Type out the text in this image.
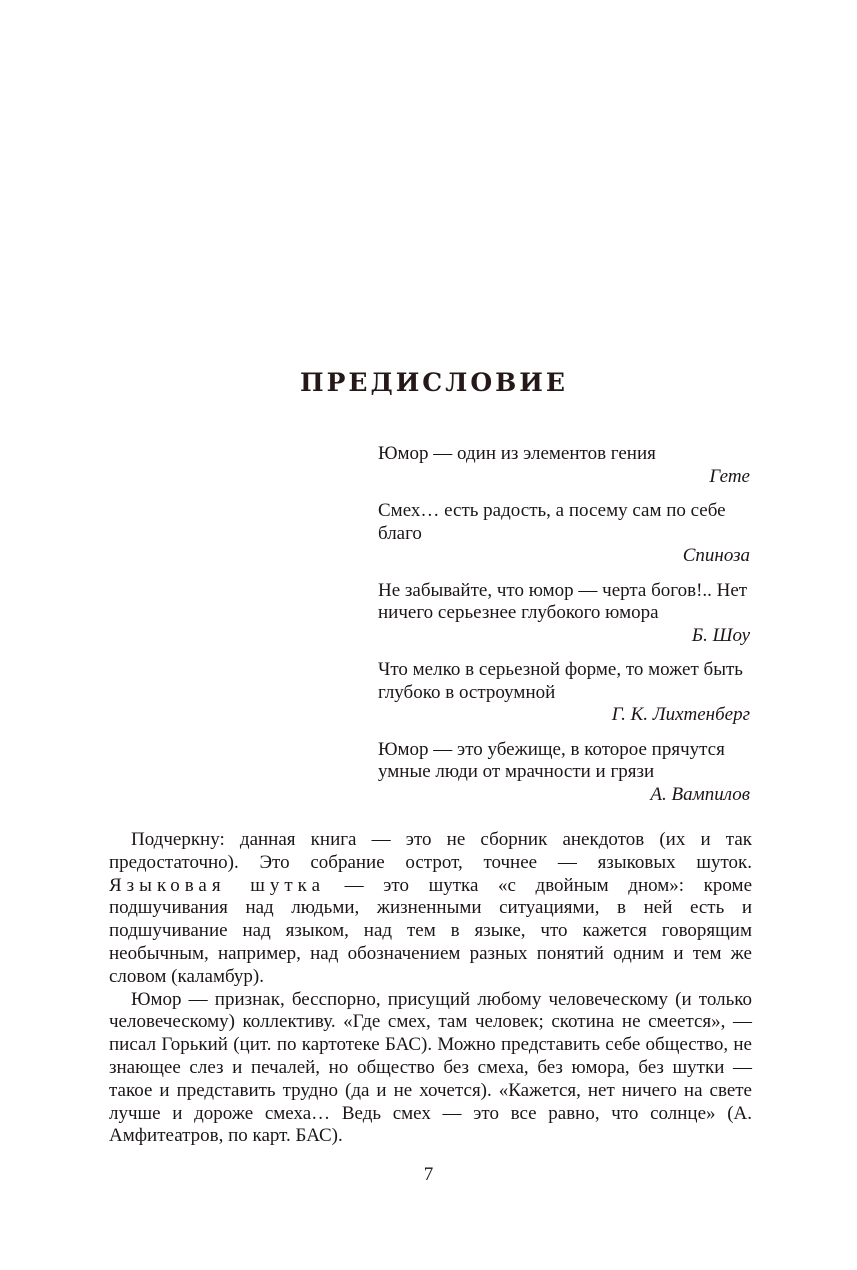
ПРЕДИСЛОВИЕ
Юмор — один из элементов гения
Гете
Смех… есть радость, а посему сам по себе благо
Спиноза
Не забывайте, что юмор — черта богов!.. Нет ничего серьезнее глубокого юмора
Б. Шоу
Что мелко в серьезной форме, то может быть глубоко в остроумной
Г. К. Лихтенберг
Юмор — это убежище, в которое прячутся умные люди от мрачности и грязи
А. Вампилов

Подчеркну: данная книга — это не сборник анекдотов (их и так предостаточно). Это собрание острот, точнее — языковых шуток. Языковая шутка — это шутка «с двойным дном»: кроме подшучивания над людьми, жизненными ситуациями, в ней есть и подшучивание над языком, над тем в языке, что кажется говорящим необычным, например, над обозначением разных понятий одним и тем же словом (каламбур).

Юмор — признак, бесспорно, присущий любому человеческому (и только человеческому) коллективу. «Где смех, там человек; скотина не смеется», — писал Горький (цит. по картотеке БАС). Можно представить себе общество, не знающее слез и печалей, но общество без смеха, без юмора, без шутки — такое и представить трудно (да и не хочется). «Кажется, нет ничего на свете лучше и дороже смеха… Ведь смех — это все равно, что солнце» (А. Амфитеатров, по карт. БАС).

7
